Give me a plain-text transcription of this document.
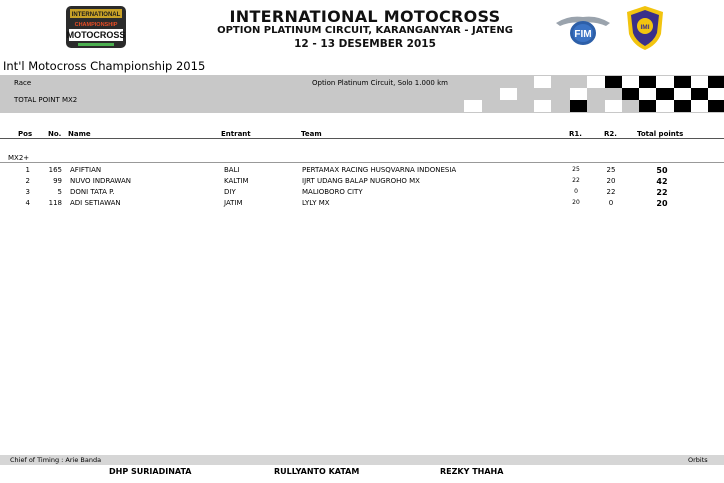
INTERNATIONAL
CHAMPIONSHIP
MOTOCROSS
INTERNATIONAL MOTOCROSS
OPTION PLATINUM CIRCUIT, KARANGANYAR - JATENG
12 - 13 DESEMBER 2015
FIM
IMI
Int'l Motocross Championship 2015
Race	Option Platinum Circuit, Solo 1.000 km
TOTAL POINT MX2
Pos No. Name	Entrant	Team	R1.	R2.	Total points
MX2+
1	165 AFIFTIAN	BALI	PERTAMAX RACING HUSQVARNA INDONESIA	25	25	50
2	99 NUVO INDRAWAN	KALTIM	IJRT UDANG BALAP NUGROHO MX	22	20	42
3	5 DONI TATA P.	DIY	MALIOBORO CITY	0	22	22
4	118 ADI SETIAWAN	JATIM	LYLY MX	20	0	20
Chief of Timing : Arie Banda	Orbits
DHP SURIADINATA	RULLYANTO KATAM	REZKY THAHA
